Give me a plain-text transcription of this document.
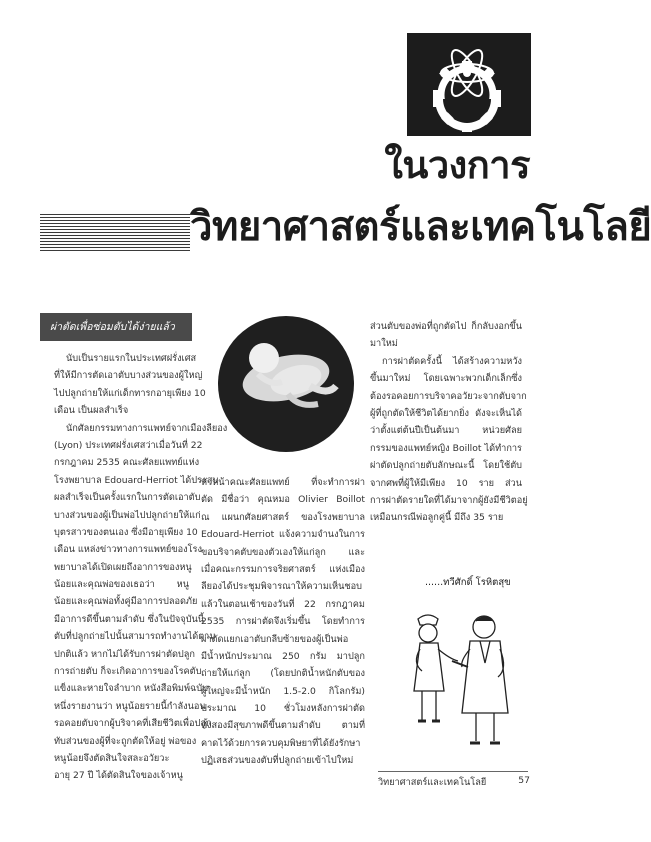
ในวงการ
วิทยาศาสตร์และเทคโนโลยี
ผ่าตัดเพื่อซ่อมตับได้ง่ายแล้ว
นับเป็นรายแรกในประเทศฝรั่งเศส
ที่ให้มีการตัดเอาตับบางส่วนของผู้ใหญ่
ไปปลูกถ่ายให้แก่เด็กทารกอายุเพียง 10
เดือน เป็นผลสำเร็จ
นักศัลยกรรมทางการแพทย์จากเมืองลียอง
(Lyon) ประเทศฝรั่งเศสว่าเมื่อวันที่ 22
กรกฎาคม 2535 คณะศัลยแพทย์แห่ง
โรงพยาบาล Edouard-Herriot ได้ประสบ
ผลสำเร็จเป็นครั้งแรกในการตัดเอาตับ
บางส่วนของผู้เป็นพ่อไปปลูกถ่ายให้แก่
บุตรสาวของตนเอง ซึ่งมีอายุเพียง 10
เดือน แหล่งข่าวทางการแพทย์ของโรง
พยาบาลได้เปิดเผยถึงอาการของหนู
น้อยและคุณพ่อของเธอว่า หนู
น้อยและคุณพ่อทั้งคู่มีอาการปลอดภัย
มีอาการดีขึ้นตามลำดับ ซึ่งในปัจจุบันนี้
ตับที่ปลูกถ่ายไปนั้นสามารถทำงานได้ตาม
ปกติแล้ว หากไม่ได้รับการผ่าตัดปลูก
การถ่ายตับ ก็จะเกิดอาการของโรคตับ
แข็งและหายใจลำบาก หนังสือพิมพ์ฉบับ
หนึ่งรายงานว่า หนูน้อยรายนี้กำลังนอน
รอคอยตับจากผู้บริจาคที่เสียชีวิตเพื่อปลูก
ทับส่วนของผู้ที่จะถูกตัดให้อยู่ พ่อของ
หนูน้อยจึงตัดสินใจสละอวัยวะ
อายุ 27 ปี ได้ตัดสินใจของเจ้าหนู
หัวหน้าคณะศัลยแพทย์ ที่จะทำการผ่า
ตัด มีชื่อว่า คุณหมอ Olivier Boillot
ณ แผนกศัลยศาสตร์ ของโรงพยาบาล
Edouard-Herriot แจ้งความจำนงในการ
ขอบริจาคตับของตัวเองให้แก่ลูก และ
เมื่อคณะกรรมการจริยศาสตร์ แห่งเมือง
ลียองได้ประชุมพิจารณาให้ความเห็นชอบ
แล้วในตอนเช้าของวันที่ 22 กรกฎาคม
2535 การผ่าตัดจึงเริ่มขึ้น โดยทำการ
ผ่าตัดแยกเอาตับกลีบซ้ายของผู้เป็นพ่อ
มีน้ำหนักประมาณ 250 กรัม มาปลูก
ถ่ายให้แก่ลูก (โดยปกติน้ำหนักตับของ
ผู้ใหญ่จะมีน้ำหนัก 1.5-2.0 กิโลกรัม)
ประมาณ 10 ชั่วโมงหลังการผ่าตัด
ทั้งสองมีสุขภาพดีขึ้นตามลำดับ ตามที่
คาดไว้ด้วยการควบคุมพิษยาที่ได้ยังรักษา
ปฏิเสธส่วนของตับที่ปลูกถ่ายเข้าไปใหม่
ส่วนตับของพ่อที่ถูกตัดไป ก็กลับงอกขึ้น
มาใหม่
การผ่าตัดครั้งนี้ ได้สร้างความหวัง
ขึ้นมาใหม่ โดยเฉพาะพวกเด็กเล็กซึ่ง
ต้องรอคอยการบริจาคอวัยวะจากตับจาก
ผู้ที่ถูกตัดให้ชีวิตได้ยากยิ่ง ดังจะเห็นได้
ว่าตั้งแต่ต้นปีเป็นต้นมา หน่วยศัลย
กรรมของแพทย์หญิง Boillot ได้ทำการ
ผ่าตัดปลูกถ่ายตับลักษณะนี้ โดยใช้ตับ
จากศพที่ผู้ให้มีเพียง 10 ราย ส่วน
การผ่าตัดรายใดที่ได้มาจากผู้ยังมีชีวิตอยู่
เหมือนกรณีพ่อลูกคู่นี้ มีถึง 35 ราย
......ทวีศักดิ์ โรหิตสุข
วิทยาศาสตร์และเทคโนโลยี	57
